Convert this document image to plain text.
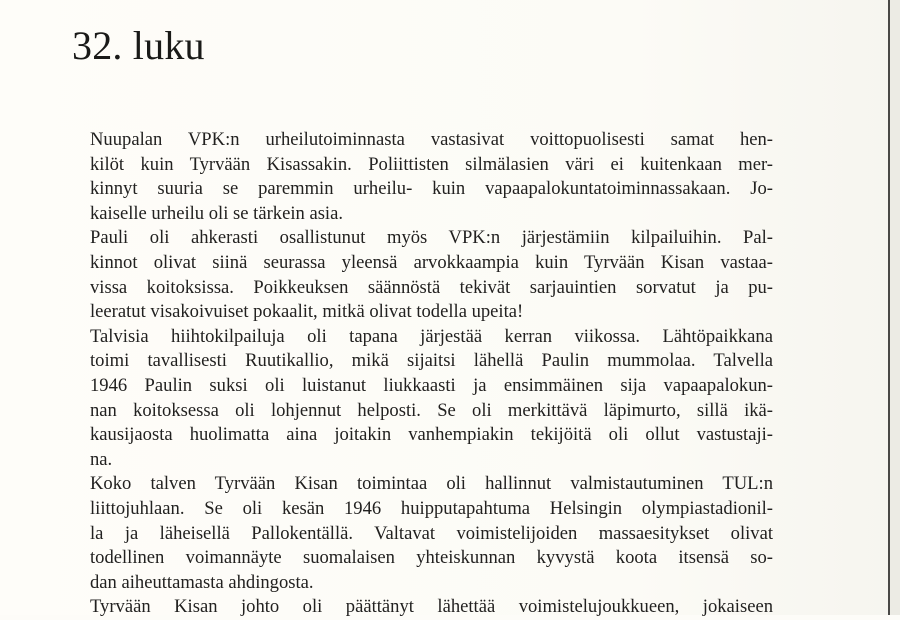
32. luku
Nuupalan VPK:n urheilutoiminnasta vastasivat voittopuolisesti samat hen-
kilöt kuin Tyrvään Kisassakin. Poliittisten silmälasien väri ei kuitenkaan mer-
kinnyt suuria se paremmin urheilu- kuin vapaapalokuntatoiminnassakaan. Jo-
kaiselle urheilu oli se tärkein asia.
Pauli oli ahkerasti osallistunut myös VPK:n järjestämiin kilpailuihin. Pal-
kinnot olivat siinä seurassa yleensä arvokkaampia kuin Tyrvään Kisan vastaa-
vissa koitoksissa. Poikkeuksen säännöstä tekivät sarjauintien sorvatut ja pu-
leeratut visakoivuiset pokaalit, mitkä olivat todella upeita!
Talvisia hiihtokilpailuja oli tapana järjestää kerran viikossa. Lähtöpaikkana
toimi tavallisesti Ruutikallio, mikä sijaitsi lähellä Paulin mummolaa. Talvella
1946 Paulin suksi oli luistanut liukkaasti ja ensimmäinen sija vapaapalokun-
nan koitoksessa oli lohjennut helposti. Se oli merkittävä läpimurto, sillä ikä-
kausijaosta huolimatta aina joitakin vanhempiakin tekijöitä oli ollut vastustaji-
na.
Koko talven Tyrvään Kisan toimintaa oli hallinnut valmistautuminen TUL:n
liittojuhlaan. Se oli kesän 1946 huipputapahtuma Helsingin olympiastadionil-
la ja läheisellä Pallokentällä. Valtavat voimistelijoiden massaesitykset olivat
todellinen voimannäyte suomalaisen yhteiskunnan kyvystä koota itsensä so-
dan aiheuttamasta ahdingosta.
Tyrvään Kisan johto oli päättänyt lähettää voimistelujoukkueen, jokaiseen
